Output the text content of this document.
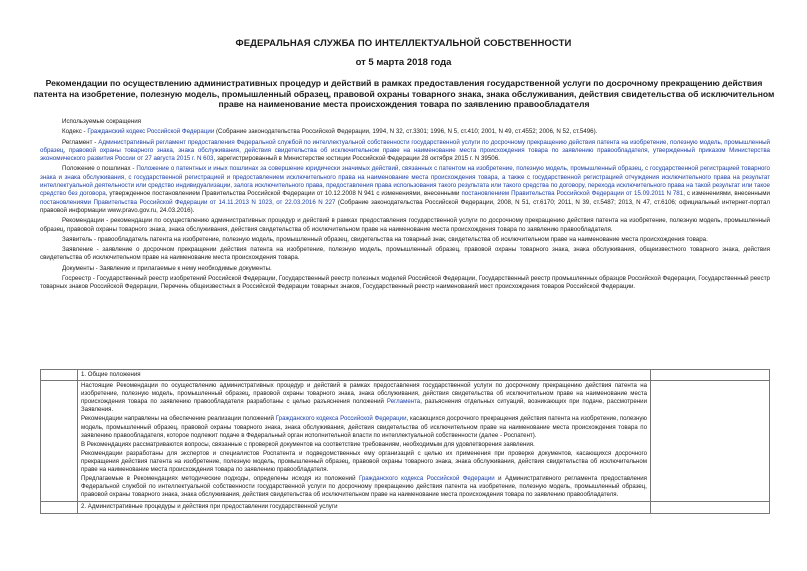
ФЕДЕРАЛЬНАЯ СЛУЖБА ПО ИНТЕЛЛЕКТУАЛЬНОЙ СОБСТВЕННОСТИ
от 5 марта 2018 года
Рекомендации по осуществлению административных процедур и действий в рамках предоставления государственной услуги по досрочному прекращению действия патента на изобретение, полезную модель, промышленный образец, правовой охраны товарного знака, знака обслуживания, действия свидетельства об исключительном праве на наименование места происхождения товара по заявлению правообладателя

Используемые сокращения

Кодекс - Гражданский кодекс Российской Федерации (Собрание законодательства Российской Федерации, 1994, N 32, ст.3301; 1996, N 5, ст.410; 2001, N 49, ст.4552; 2006, N 52, ст.5496).

Регламент - Административный регламент предоставления Федеральной службой по интеллектуальной собственности государственной услуги по досрочному прекращению действия патента на изобретение, полезную модель, промышленный образец, правовой охраны товарного знака, знака обслуживания, действия свидетельства об исключительном праве на наименование места происхождения товара по заявлению правообладателя, утвержденный приказом Министерства экономического развития России от 27 августа 2015 г. N 603, зарегистрированный в Министерстве юстиции Российской Федерации 28 октября 2015 г. N 39506.

Положение о пошлинах - Положение о патентных и иных пошлинах за совершение юридически значимых действий, связанных с патентом на изобретение, полезную модель, промышленный образец, с государственной регистрацией товарного знака и знака обслуживания, с государственной регистрацией и предоставлением исключительного права на наименование места происхождения товара, а также с государственной регистрацией отчуждения исключительного права на результат интеллектуальной деятельности или средство индивидуализации, залога исключительного права, предоставления права использования такого результата или такого средства по договору, перехода исключительного права на такой результат или такое средство без договора, утвержденное постановлением Правительства Российской Федерации от 10.12.2008 N 941 с изменениями, внесенными постановлением Правительства Российской Федерации от 15.09.2011 N 781, с изменениями, внесенными постановлениями Правительства Российской Федерации от 14.11.2013 N 1023, от 22.03.2016 N 227 (Собрание законодательства Российской Федерации, 2008, N 51, ст.6170; 2011, N 39, ст.5487; 2013, N 47, ст.6106; официальный интернет-портал правовой информации www.pravo.gov.ru, 24.03.2016).

Рекомендации - рекомендации по осуществлению административных процедур и действий в рамках предоставления государственной услуги по досрочному прекращению действия патента на изобретение, полезную модель, промышленный образец, правовой охраны товарного знака, знака обслуживания, действия свидетельства об исключительном праве на наименование места происхождения товара по заявлению правообладателя.

Заявитель - правообладатель патента на изобретение, полезную модель, промышленный образец, свидетельства на товарный знак, свидетельства об исключительном праве на наименование места происхождения товара.

Заявление - заявление о досрочном прекращении действия патента на изобретение, полезную модель, промышленный образец, правовой охраны товарного знака, знака обслуживания, общеизвестного товарного знака, действия свидетельства об исключительном праве на наименование места происхождения товара.

Документы - Заявление и прилагаемые к нему необходимые документы.

Госреестр - Государственный реестр изобретений Российской Федерации, Государственный реестр полезных моделей Российской Федерации, Государственный реестр промышленных образцов Российской Федерации, Государственный реестр товарных знаков Российской Федерации, Перечень общеизвестных в Российской Федерации товарных знаков, Государственный реестр наименований мест происхождения товаров Российской Федерации.

	1. Общие положения	

	Настоящие Рекомендации по осуществлению административных процедур и действий в рамках предоставления государственной услуги по досрочному прекращению действия патента на изобретение, полезную модель, промышленный образец, правовой охраны товарного знака, знака обслуживания, действия свидетельства об исключительном праве на наименование места происхождения товара по заявлению правообладателя разработаны с целью разъяснения положений Регламента, разъяснения отдельных ситуаций, возникающих при подаче, рассмотрении Заявления.

Рекомендации направлены на обеспечение реализации положений Гражданского кодекса Российской Федерации, касающихся досрочного прекращения действия патента на изобретение, полезную модель, промышленный образец, правовой охраны товарного знака, знака обслуживания, действия свидетельства об исключительном праве на наименование места происхождения товара по заявлению правообладателя, которое подлежит подаче в Федеральный орган исполнительной власти по интеллектуальной собственности (далее - Роспатент).

В Рекомендациях рассматриваются вопросы, связанные с проверкой документов на соответствие требованиям, необходимым для удовлетворения заявления.

Рекомендации разработаны для экспертов и специалистов Роспатента и подведомственных ему организаций с целью их применения при проверке документов, касающихся досрочного прекращения действия патента на изобретение, полезную модель, промышленный образец, правовой охраны товарного знака, знака обслуживания, действия свидетельства об исключительном праве на наименование места происхождения товара по заявлению правообладателя.

Предлагаемые в Рекомендациях методические подходы, определены исходя из положений Гражданского кодекса Российской Федерации и Административного регламента предоставления Федеральной службой по интеллектуальной собственности государственной услуги по досрочному прекращению действия патента на изобретение, полезную модель, промышленный образец, правовой охраны товарного знака, знака обслуживания, действия свидетельства об исключительном праве на наименование места происхождения товара по заявлению правообладателя.	

	2. Административные процедуры и действия при предоставлении государственной услуги	
